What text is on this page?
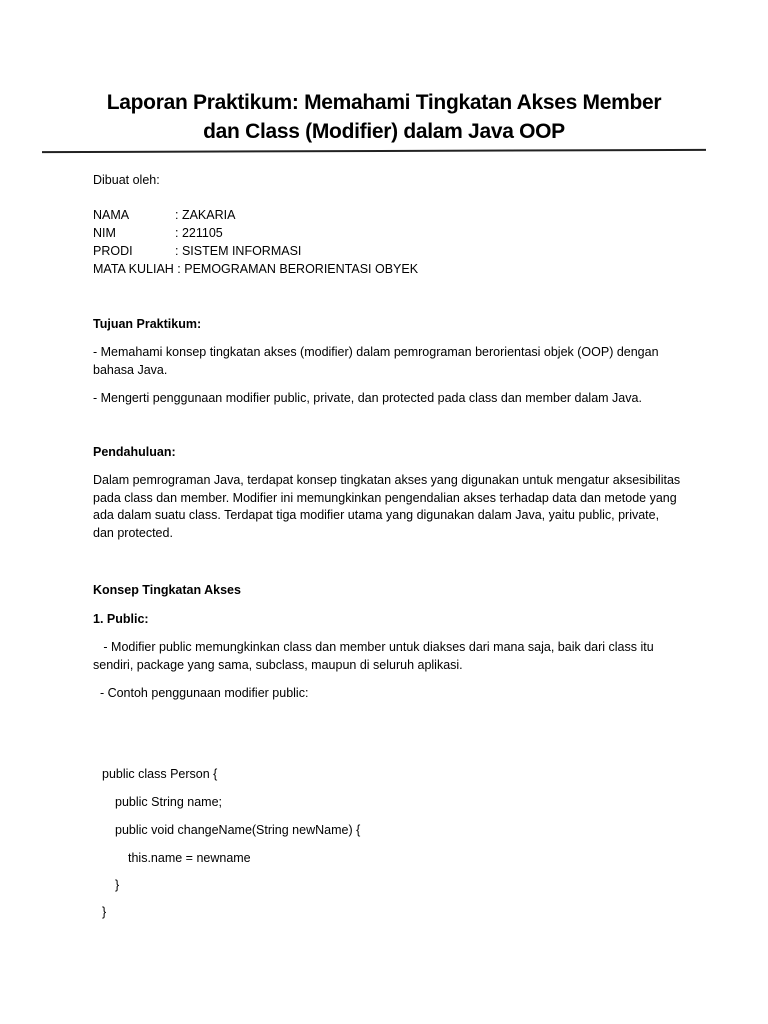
Laporan Praktikum: Memahami Tingkatan Akses Member
dan Class (Modifier) dalam Java OOP

Dibuat oleh:

NAMA	: ZAKARIA
NIM	: 221105
PRODI	: SISTEM INFORMASI
MATA KULIAH : PEMOGRAMAN BERORIENTASI OBYEK

Tujuan Praktikum:

- Memahami konsep tingkatan akses (modifier) dalam pemrograman berorientasi objek (OOP) dengan bahasa Java.

- Mengerti penggunaan modifier public, private, dan protected pada class dan member dalam Java.

Pendahuluan:

Dalam pemrograman Java, terdapat konsep tingkatan akses yang digunakan untuk mengatur aksesibilitas pada class dan member. Modifier ini memungkinkan pengendalian akses terhadap data dan metode yang ada dalam suatu class. Terdapat tiga modifier utama yang digunakan dalam Java, yaitu public, private, dan protected.

Konsep Tingkatan Akses

1. Public:

- Modifier public memungkinkan class dan member untuk diakses dari mana saja, baik dari class itu sendiri, package yang sama, subclass, maupun di seluruh aplikasi.

- Contoh penggunaan modifier public:

public class Person {
public String name;
public void changeName(String newName) {
this.name = newname
}
}
